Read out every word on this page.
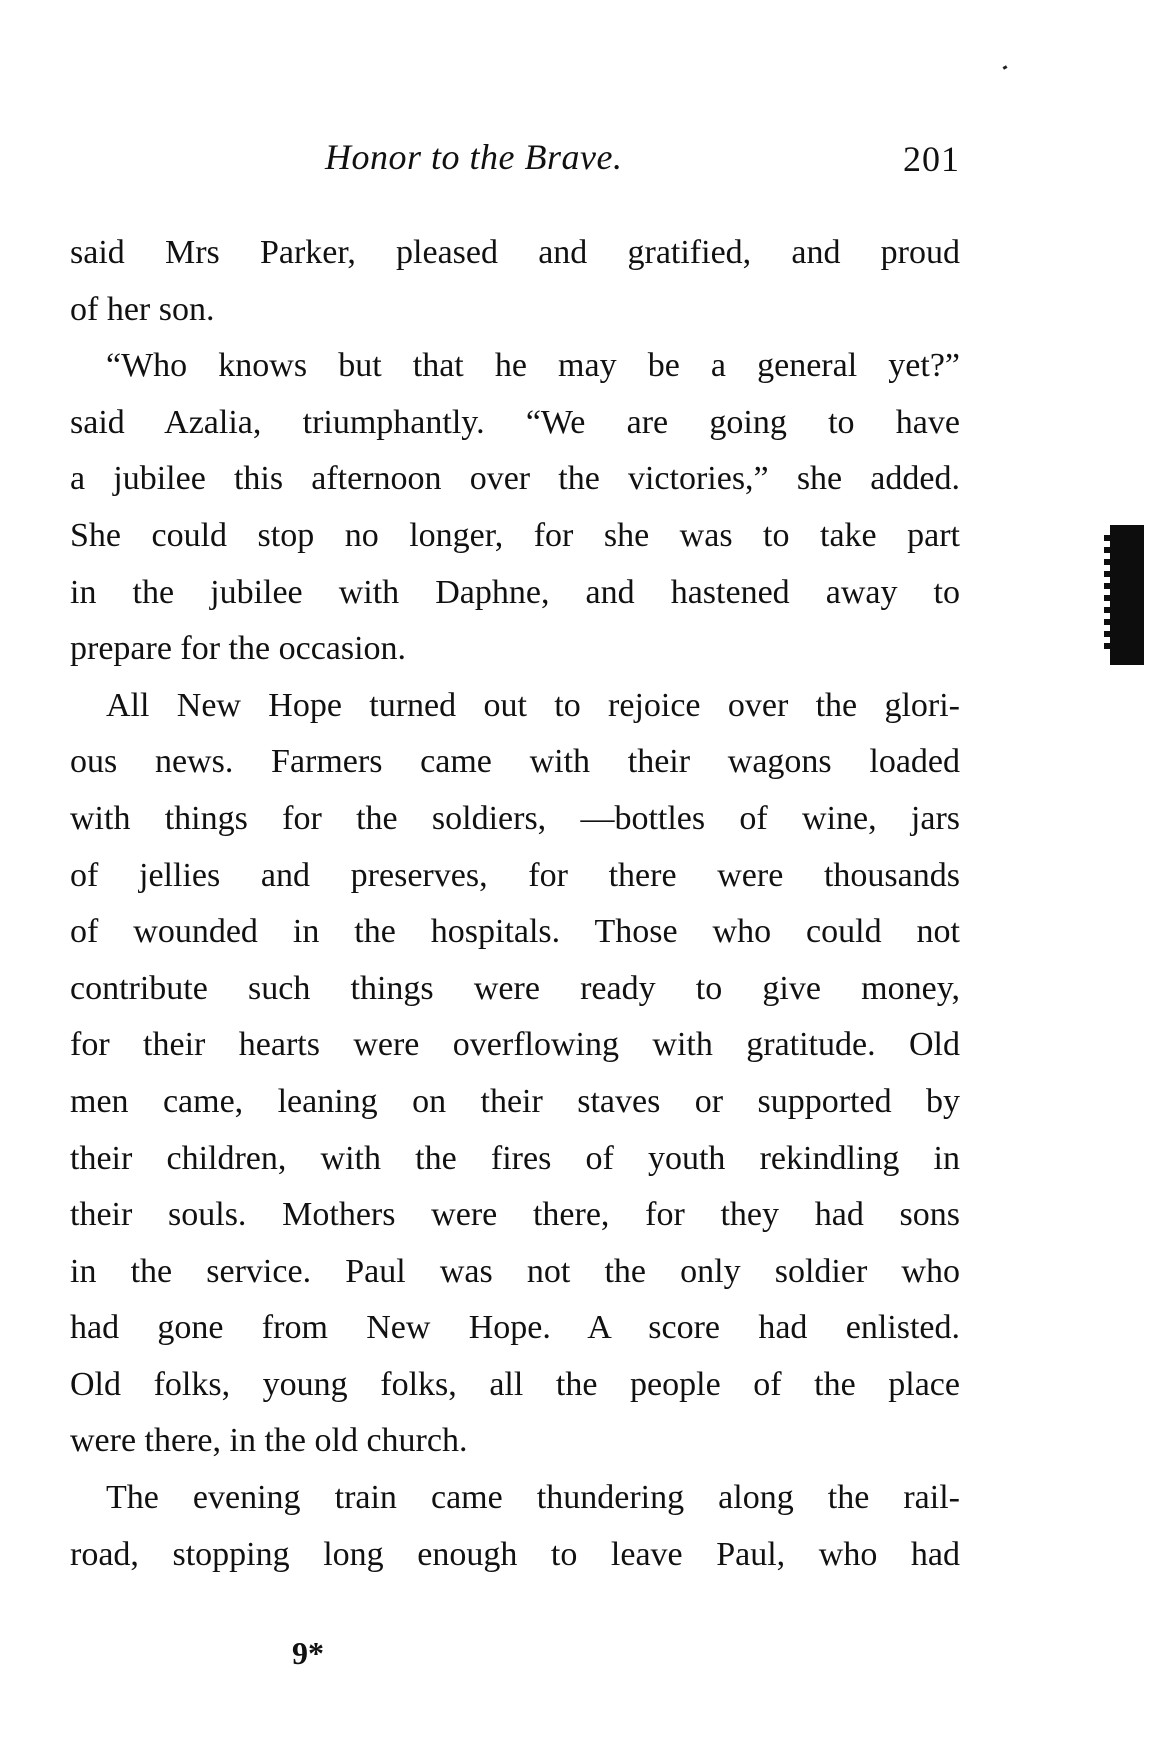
Honor to the Brave.	201
said Mrs Parker, pleased and gratified, and proud
of her son.
“Who knows but that he may be a general yet?”
said Azalia, triumphantly. “We are going to have
a jubilee this afternoon over the victories,” she added.
She could stop no longer, for she was to take part
in the jubilee with Daphne, and hastened away to
prepare for the occasion.
All New Hope turned out to rejoice over the glori-
ous news. Farmers came with their wagons loaded
with things for the soldiers, —bottles of wine, jars
of jellies and preserves, for there were thousands
of wounded in the hospitals. Those who could not
contribute such things were ready to give money,
for their hearts were overflowing with gratitude. Old
men came, leaning on their staves or supported by
their children, with the fires of youth rekindling in
their souls. Mothers were there, for they had sons
in the service. Paul was not the only soldier who
had gone from New Hope. A score had enlisted.
Old folks, young folks, all the people of the place
were there, in the old church.
The evening train came thundering along the rail-
road, stopping long enough to leave Paul, who had
9*
